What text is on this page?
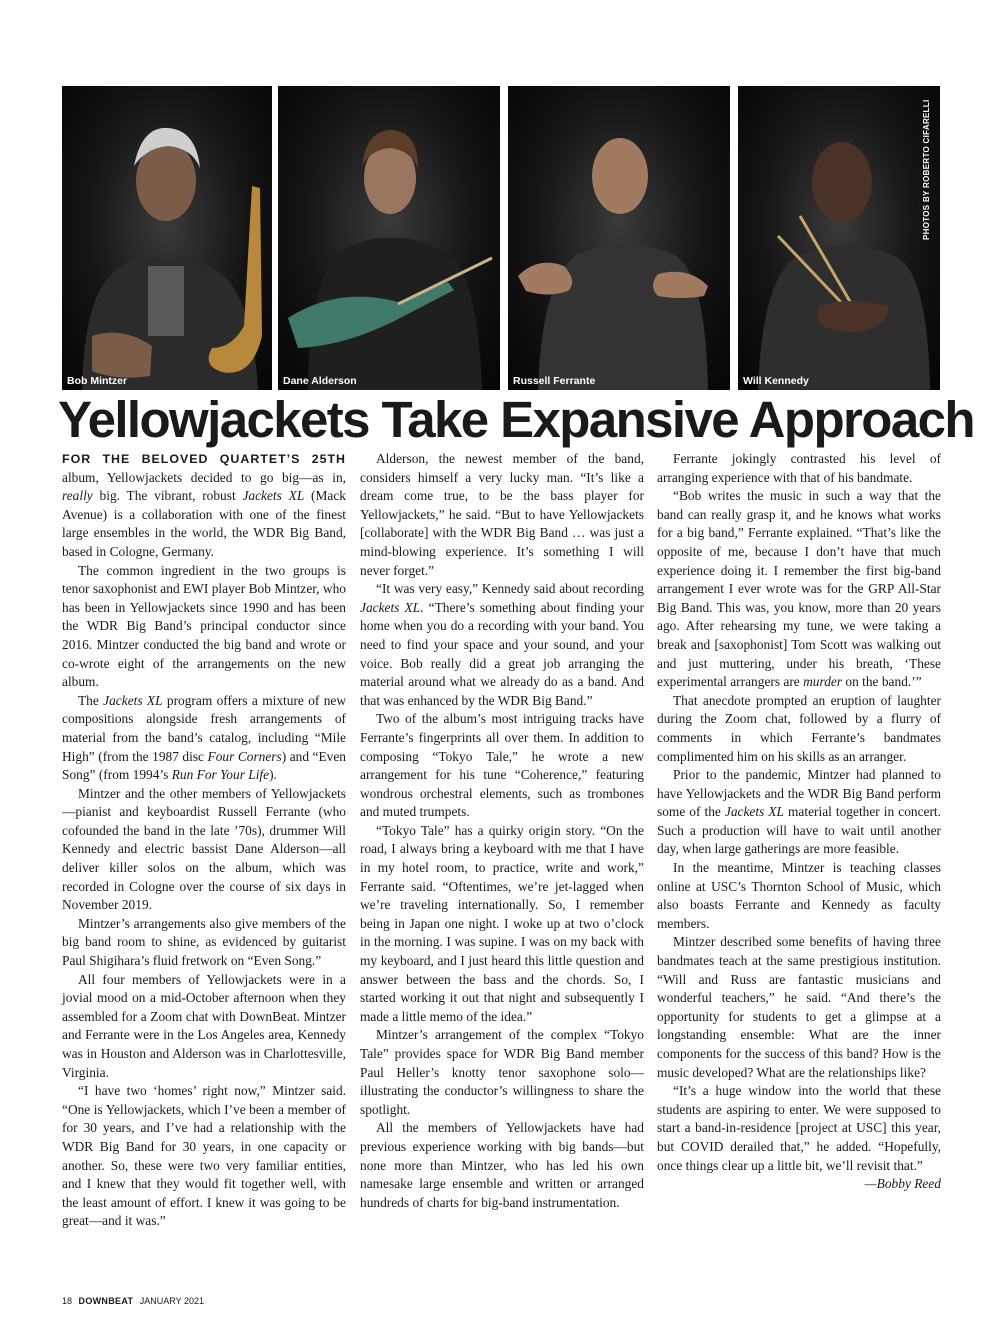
Bob Mintzer	Dane Alderson	Russell Ferrante	Will Kennedy
PHOTOS BY ROBERTO CIFARELLI
Yellowjackets Take Expansive Approach

FOR THE BELOVED QUARTET’S 25TH album, Yellowjackets decided to go big—as in, really big. The vibrant, robust Jackets XL (Mack Avenue) is a collaboration with one of the finest large ensembles in the world, the WDR Big Band, based in Cologne, Germany.

The common ingredient in the two groups is tenor saxophonist and EWI player Bob Mintzer, who has been in Yellowjackets since 1990 and has been the WDR Big Band’s principal conductor since 2016. Mintzer conducted the big band and wrote or co-wrote eight of the arrangements on the new album.

The Jackets XL program offers a mixture of new compositions alongside fresh arrangements of material from the band’s catalog, including “Mile High” (from the 1987 disc Four Corners) and “Even Song” (from 1994’s Run For Your Life).

Mintzer and the other members of Yellowjackets—pianist and keyboardist Russell Ferrante (who cofounded the band in the late ’70s), drummer Will Kennedy and electric bassist Dane Alderson—all deliver killer solos on the album, which was recorded in Cologne over the course of six days in November 2019.

Mintzer’s arrangements also give members of the big band room to shine, as evidenced by guitarist Paul Shigihara’s fluid fretwork on “Even Song.”

All four members of Yellowjackets were in a jovial mood on a mid-October afternoon when they assembled for a Zoom chat with DownBeat. Mintzer and Ferrante were in the Los Angeles area, Kennedy was in Houston and Alderson was in Charlottesville, Virginia.

“I have two ‘homes’ right now,” Mintzer said. “One is Yellowjackets, which I’ve been a member of for 30 years, and I’ve had a relationship with the WDR Big Band for 30 years, in one capacity or another. So, these were two very familiar entities, and I knew that they would fit together well, with the least amount of effort. I knew it was going to be great—and it was.”

Alderson, the newest member of the band, considers himself a very lucky man. “It’s like a dream come true, to be the bass player for Yellowjackets,” he said. “But to have Yellowjackets [collaborate] with the WDR Big Band … was just a mind-blowing experience. It’s something I will never forget.”

“It was very easy,” Kennedy said about recording Jackets XL. “There’s something about finding your home when you do a recording with your band. You need to find your space and your sound, and your voice. Bob really did a great job arranging the material around what we already do as a band. And that was enhanced by the WDR Big Band.”

Two of the album’s most intriguing tracks have Ferrante’s fingerprints all over them. In addition to composing “Tokyo Tale,” he wrote a new arrangement for his tune “Coherence,” featuring wondrous orchestral elements, such as trombones and muted trumpets.

“Tokyo Tale” has a quirky origin story. “On the road, I always bring a keyboard with me that I have in my hotel room, to practice, write and work,” Ferrante said. “Oftentimes, we’re jet-lagged when we’re traveling internationally. So, I remember being in Japan one night. I woke up at two o’clock in the morning. I was supine. I was on my back with my keyboard, and I just heard this little question and answer between the bass and the chords. So, I started working it out that night and subsequently I made a little memo of the idea.”

Mintzer’s arrangement of the complex “Tokyo Tale” provides space for WDR Big Band member Paul Heller’s knotty tenor saxophone solo—illustrating the conductor’s willingness to share the spotlight.

All the members of Yellowjackets have had previous experience working with big bands—but none more than Mintzer, who has led his own namesake large ensemble and written or arranged hundreds of charts for big-band instrumentation.

Ferrante jokingly contrasted his level of arranging experience with that of his bandmate.

“Bob writes the music in such a way that the band can really grasp it, and he knows what works for a big band,” Ferrante explained. “That’s like the opposite of me, because I don’t have that much experience doing it. I remember the first big-band arrangement I ever wrote was for the GRP All-Star Big Band. This was, you know, more than 20 years ago. After rehearsing my tune, we were taking a break and [saxophonist] Tom Scott was walking out and just muttering, under his breath, ‘These experimental arrangers are murder on the band.’”

That anecdote prompted an eruption of laughter during the Zoom chat, followed by a flurry of comments in which Ferrante’s bandmates complimented him on his skills as an arranger.

Prior to the pandemic, Mintzer had planned to have Yellowjackets and the WDR Big Band perform some of the Jackets XL material together in concert. Such a production will have to wait until another day, when large gatherings are more feasible.

In the meantime, Mintzer is teaching classes online at USC’s Thornton School of Music, which also boasts Ferrante and Kennedy as faculty members.

Mintzer described some benefits of having three bandmates teach at the same prestigious institution. “Will and Russ are fantastic musicians and wonderful teachers,” he said. “And there’s the opportunity for students to get a glimpse at a longstanding ensemble: What are the inner components for the success of this band? How is the music developed? What are the relationships like?

“It’s a huge window into the world that these students are aspiring to enter. We were supposed to start a band-in-residence [project at USC] this year, but COVID derailed that,” he added. “Hopefully, once things clear up a little bit, we’ll revisit that.”
—Bobby Reed

18 DOWNBEAT JANUARY 2021
